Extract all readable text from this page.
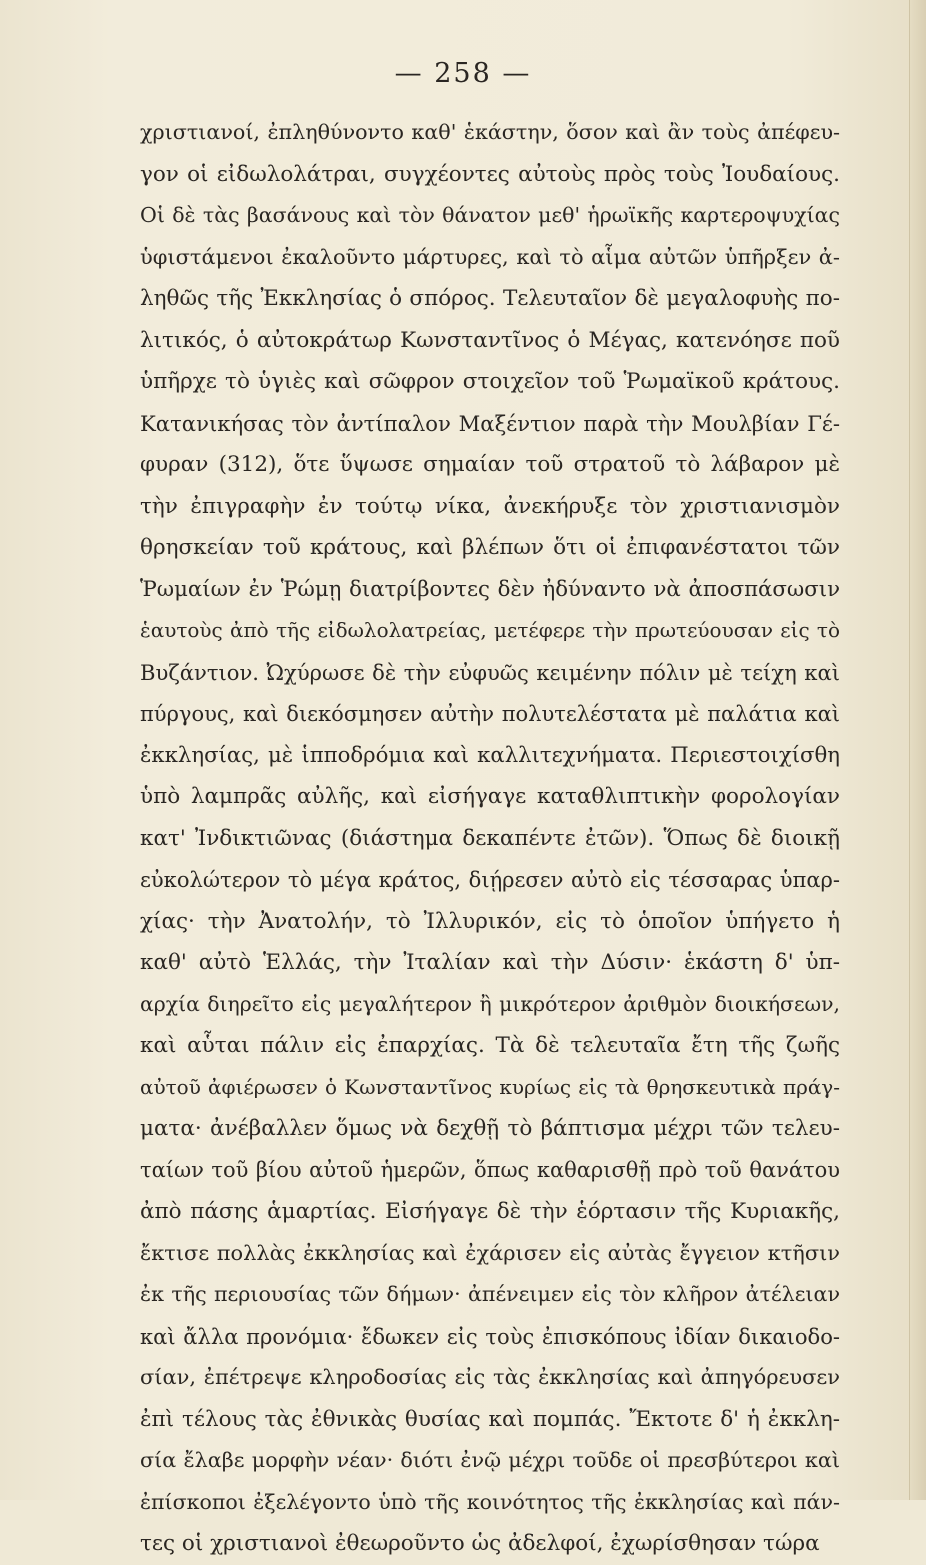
— 258 —
χριστιανοί, ἐπληθύνοντο καθ' ἑκάστην, ὅσον καὶ ἂν τοὺς ἀπέφευ-
γον οἱ εἰδωλολάτραι, συγχέοντες αὐτοὺς πρὸς τοὺς Ἰουδαίους.
Οἱ δὲ τὰς βασάνους καὶ τὸν θάνατον μεθ' ἡρωϊκῆς καρτεροψυχίας
ὑφιστάμενοι ἐκαλοῦντο μάρτυρες, καὶ τὸ αἷμα αὐτῶν ὑπῆρξεν ἀ-
ληθῶς τῆς Ἐκκλησίας ὁ σπόρος. Τελευταῖον δὲ μεγαλοφυὴς πο-
λιτικός, ὁ αὐτοκράτωρ Κωνσταντῖνος ὁ Μέγας, κατενόησε ποῦ
ὑπῆρχε τὸ ὑγιὲς καὶ σῶφρον στοιχεῖον τοῦ Ῥωμαϊκοῦ κράτους.
Κατανικήσας τὸν ἀντίπαλον Μαξέντιον παρὰ τὴν Μουλβίαν Γέ-
φυραν (312), ὅτε ὕψωσε σημαίαν τοῦ στρατοῦ τὸ λάβαρον μὲ
τὴν ἐπιγραφὴν ἐν τούτῳ νίκα, ἀνεκήρυξε τὸν χριστιανισμὸν
θρησκείαν τοῦ κράτους, καὶ βλέπων ὅτι οἱ ἐπιφανέστατοι τῶν
Ῥωμαίων ἐν Ῥώμῃ διατρίβοντες δὲν ἠδύναντο νὰ ἀποσπάσωσιν
ἑαυτοὺς ἀπὸ τῆς εἰδωλολατρείας, μετέφερε τὴν πρωτεύουσαν εἰς τὸ
Βυζάντιον. Ὠχύρωσε δὲ τὴν εὐφυῶς κειμένην πόλιν μὲ τείχη καὶ
πύργους, καὶ διεκόσμησεν αὐτὴν πολυτελέστατα μὲ παλάτια καὶ
ἐκκλησίας, μὲ ἱπποδρόμια καὶ καλλιτεχνήματα. Περιεστοιχίσθη
ὑπὸ λαμπρᾶς αὐλῆς, καὶ εἰσήγαγε καταθλιπτικὴν φορολογίαν
κατ' Ἰνδικτιῶνας (διάστημα δεκαπέντε ἐτῶν). Ὅπως δὲ διοικῇ
εὐκολώτερον τὸ μέγα κράτος, διῄρεσεν αὐτὸ εἰς τέσσαρας ὑπαρ-
χίας· τὴν Ἀνατολήν, τὸ Ἰλλυρικόν, εἰς τὸ ὁποῖον ὑπήγετο ἡ
καθ' αὐτὸ Ἑλλάς, τὴν Ἰταλίαν καὶ τὴν Δύσιν· ἑκάστη δ' ὑπ-
αρχία διηρεῖτο εἰς μεγαλήτερον ἢ μικρότερον ἀριθμὸν διοικήσεων,
καὶ αὗται πάλιν εἰς ἐπαρχίας. Τὰ δὲ τελευταῖα ἔτη τῆς ζωῆς
αὐτοῦ ἀφιέρωσεν ὁ Κωνσταντῖνος κυρίως εἰς τὰ θρησκευτικὰ πράγ-
ματα· ἀνέβαλλεν ὅμως νὰ δεχθῇ τὸ βάπτισμα μέχρι τῶν τελευ-
ταίων τοῦ βίου αὐτοῦ ἡμερῶν, ὅπως καθαρισθῇ πρὸ τοῦ θανάτου
ἀπὸ πάσης ἁμαρτίας. Εἰσήγαγε δὲ τὴν ἑόρτασιν τῆς Κυριακῆς,
ἔκτισε πολλὰς ἐκκλησίας καὶ ἐχάρισεν εἰς αὐτὰς ἔγγειον κτῆσιν
ἐκ τῆς περιουσίας τῶν δήμων· ἀπένειμεν εἰς τὸν κλῆρον ἀτέλειαν
καὶ ἄλλα προνόμια· ἔδωκεν εἰς τοὺς ἐπισκόπους ἰδίαν δικαιοδο-
σίαν, ἐπέτρεψε κληροδοσίας εἰς τὰς ἐκκλησίας καὶ ἀπηγόρευσεν
ἐπὶ τέλους τὰς ἐθνικὰς θυσίας καὶ πομπάς. Ἔκτοτε δ' ἡ ἐκκλη-
σία ἔλαβε μορφὴν νέαν· διότι ἐνῷ μέχρι τοῦδε οἱ πρεσβύτεροι καὶ
ἐπίσκοποι ἐξελέγοντο ὑπὸ τῆς κοινότητος τῆς ἐκκλησίας καὶ πάν-
τες οἱ χριστιανοὶ ἐθεωροῦντο ὡς ἀδελφοί, ἐχωρίσθησαν τώρα
